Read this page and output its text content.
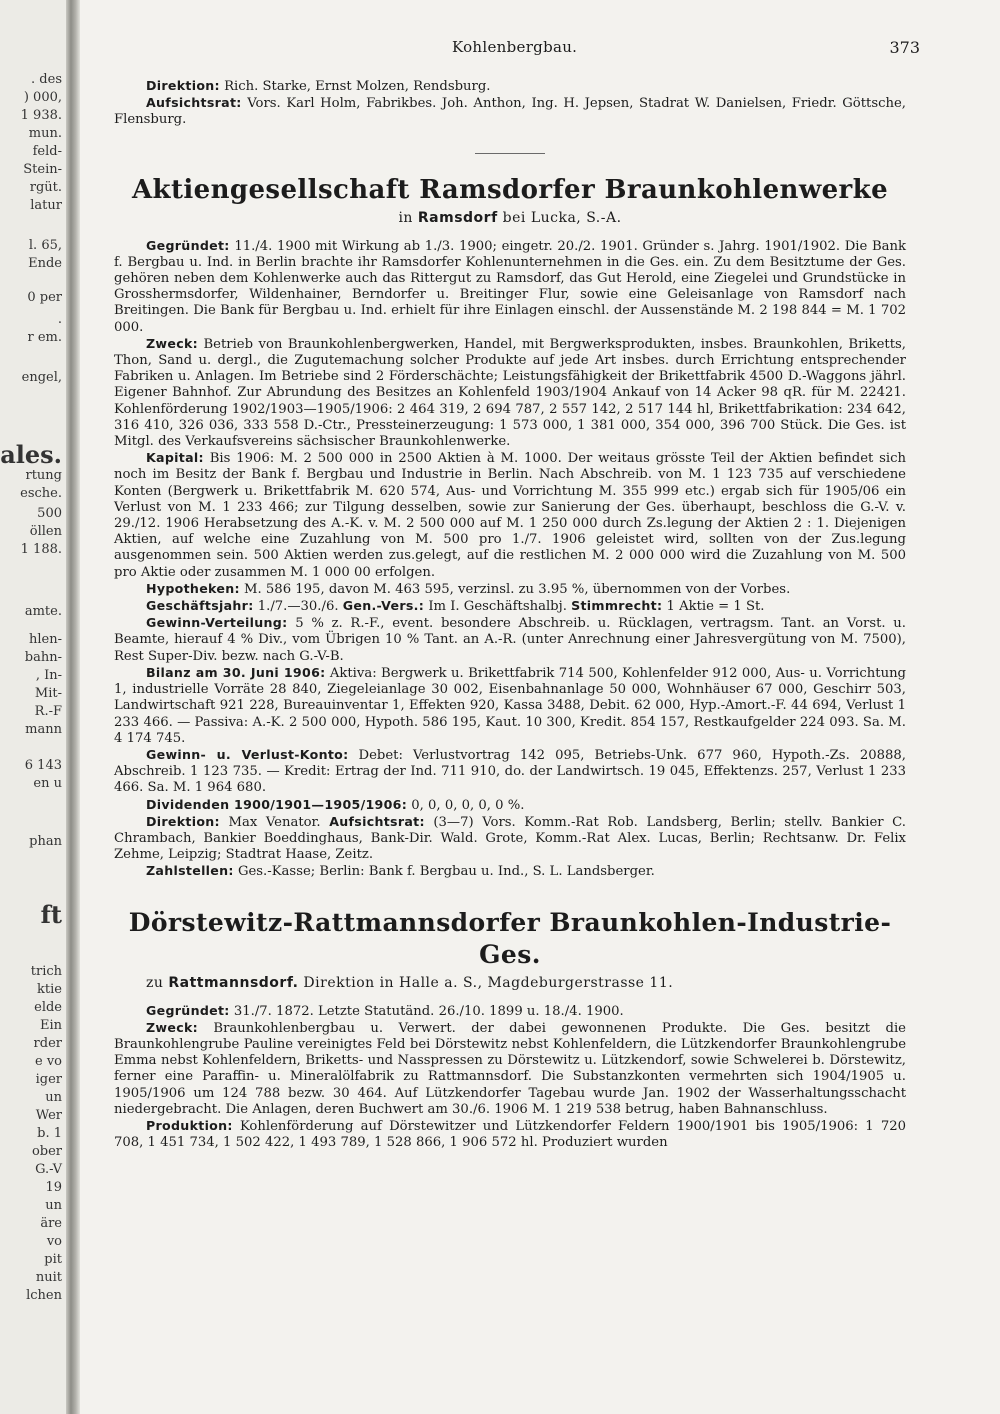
. des
) 000,
1 938.
mun.
feld-
Stein-
rgüt.
latur
l. 65,
Ende
0 per
.
r em.
engel,
ales.
rtung
esche.
500
öllen
1 188.
amte.
hlen-
bahn-
, In-
Mit-
R.-F
mann
6 143
en u
phan
ft
trich
ktie
elde
Ein
rder
e vo
iger
un
Wer
b. 1
ober
G.-V
19
un
äre
vo
pit
nuit
lchen
Kohlenbergbau.	373

Direktion: Rich. Starke, Ernst Molzen, Rendsburg.

Aufsichtsrat: Vors. Karl Holm, Fabrikbes. Joh. Anthon, Ing. H. Jepsen, Stadrat W. Danielsen, Friedr. Göttsche, Flensburg.

Aktiengesellschaft Ramsdorfer Braunkohlenwerke

in Ramsdorf bei Lucka, S.-A.

Gegründet: 11./4. 1900 mit Wirkung ab 1./3. 1900; eingetr. 20./2. 1901. Gründer s. Jahrg. 1901/1902. Die Bank f. Bergbau u. Ind. in Berlin brachte ihr Ramsdorfer Kohlenunternehmen in die Ges. ein. Zu dem Besitztume der Ges. gehören neben dem Kohlenwerke auch das Rittergut zu Ramsdorf, das Gut Herold, eine Ziegelei und Grundstücke in Grosshermsdorfer, Wildenhainer, Berndorfer u. Breitinger Flur, sowie eine Geleisanlage von Ramsdorf nach Breitingen. Die Bank für Bergbau u. Ind. erhielt für ihre Einlagen einschl. der Aussenstände M. 2 198 844 = M. 1 702 000.

Zweck: Betrieb von Braunkohlenbergwerken, Handel, mit Bergwerksprodukten, insbes. Braunkohlen, Briketts, Thon, Sand u. dergl., die Zugutemachung solcher Produkte auf jede Art insbes. durch Errichtung entsprechender Fabriken u. Anlagen. Im Betriebe sind 2 Förderschächte; Leistungsfähigkeit der Brikettfabrik 4500 D.-Waggons jährl. Eigener Bahnhof. Zur Abrundung des Besitzes an Kohlenfeld 1903/1904 Ankauf von 14 Acker 98 qR. für M. 22421. Kohlenförderung 1902/1903—1905/1906: 2 464 319, 2 694 787, 2 557 142, 2 517 144 hl, Brikettfabrikation: 234 642, 316 410, 326 036, 333 558 D.-Ctr., Pressteinerzeugung: 1 573 000, 1 381 000, 354 000, 396 700 Stück. Die Ges. ist Mitgl. des Verkaufsvereins sächsischer Braunkohlenwerke.

Kapital: Bis 1906: M. 2 500 000 in 2500 Aktien à M. 1000. Der weitaus grösste Teil der Aktien befindet sich noch im Besitz der Bank f. Bergbau und Industrie in Berlin. Nach Abschreib. von M. 1 123 735 auf verschiedene Konten (Bergwerk u. Brikettfabrik M. 620 574, Aus- und Vorrichtung M. 355 999 etc.) ergab sich für 1905/06 ein Verlust von M. 1 233 466; zur Tilgung desselben, sowie zur Sanierung der Ges. überhaupt, beschloss die G.-V. v. 29./12. 1906 Herabsetzung des A.-K. v. M. 2 500 000 auf M. 1 250 000 durch Zs.legung der Aktien 2 : 1. Diejenigen Aktien, auf welche eine Zuzahlung von M. 500 pro 1./7. 1906 geleistet wird, sollten von der Zus.legung ausgenommen sein. 500 Aktien werden zus.gelegt, auf die restlichen M. 2 000 000 wird die Zuzahlung von M. 500 pro Aktie oder zusammen M. 1 000 00 erfolgen.

Hypotheken: M. 586 195, davon M. 463 595, verzinsl. zu 3.95 %, übernommen von der Vorbes.

Geschäftsjahr: 1./7.—30./6. Gen.-Vers.: Im I. Geschäftshalbj. Stimmrecht: 1 Aktie = 1 St.

Gewinn-Verteilung: 5 % z. R.-F., event. besondere Abschreib. u. Rücklagen, vertragsm. Tant. an Vorst. u. Beamte, hierauf 4 % Div., vom Übrigen 10 % Tant. an A.-R. (unter Anrechnung einer Jahresvergütung von M. 7500), Rest Super-Div. bezw. nach G.-V-B.

Bilanz am 30. Juni 1906: Aktiva: Bergwerk u. Brikettfabrik 714 500, Kohlenfelder 912 000, Aus- u. Vorrichtung 1, industrielle Vorräte 28 840, Ziegeleianlage 30 002, Eisenbahnanlage 50 000, Wohnhäuser 67 000, Geschirr 503, Landwirtschaft 921 228, Bureauinventar 1, Effekten 920, Kassa 3488, Debit. 62 000, Hyp.-Amort.-F. 44 694, Verlust 1 233 466. — Passiva: A.-K. 2 500 000, Hypoth. 586 195, Kaut. 10 300, Kredit. 854 157, Restkaufgelder 224 093. Sa. M. 4 174 745.

Gewinn- u. Verlust-Konto: Debet: Verlustvortrag 142 095, Betriebs-Unk. 677 960, Hypoth.-Zs. 20888, Abschreib. 1 123 735. — Kredit: Ertrag der Ind. 711 910, do. der Landwirtsch. 19 045, Effektenzs. 257, Verlust 1 233 466. Sa. M. 1 964 680.

Dividenden 1900/1901—1905/1906: 0, 0, 0, 0, 0, 0 %.

Direktion: Max Venator. Aufsichtsrat: (3—7) Vors. Komm.-Rat Rob. Landsberg, Berlin; stellv. Bankier C. Chrambach, Bankier Boeddinghaus, Bank-Dir. Wald. Grote, Komm.-Rat Alex. Lucas, Berlin; Rechtsanw. Dr. Felix Zehme, Leipzig; Stadtrat Haase, Zeitz.

Zahlstellen: Ges.-Kasse; Berlin: Bank f. Bergbau u. Ind., S. L. Landsberger.

Dörstewitz-Rattmannsdorfer Braunkohlen-Industrie-Ges.

zu Rattmannsdorf. Direktion in Halle a. S., Magdeburgerstrasse 11.

Gegründet: 31./7. 1872. Letzte Statutänd. 26./10. 1899 u. 18./4. 1900.

Zweck: Braunkohlenbergbau u. Verwert. der dabei gewonnenen Produkte. Die Ges. besitzt die Braunkohlengrube Pauline vereinigtes Feld bei Dörstewitz nebst Kohlenfeldern, die Lützkendorfer Braunkohlengrube Emma nebst Kohlenfeldern, Briketts- und Nasspressen zu Dörstewitz u. Lützkendorf, sowie Schwelerei b. Dörstewitz, ferner eine Paraffin- u. Mineralölfabrik zu Rattmannsdorf. Die Substanzkonten vermehrten sich 1904/1905 u. 1905/1906 um 124 788 bezw. 30 464. Auf Lützkendorfer Tagebau wurde Jan. 1902 der Wasserhaltungsschacht niedergebracht. Die Anlagen, deren Buchwert am 30./6. 1906 M. 1 219 538 betrug, haben Bahnanschluss.

Produktion: Kohlenförderung auf Dörstewitzer und Lützkendorfer Feldern 1900/1901 bis 1905/1906: 1 720 708, 1 451 734, 1 502 422, 1 493 789, 1 528 866, 1 906 572 hl. Produziert wurden
